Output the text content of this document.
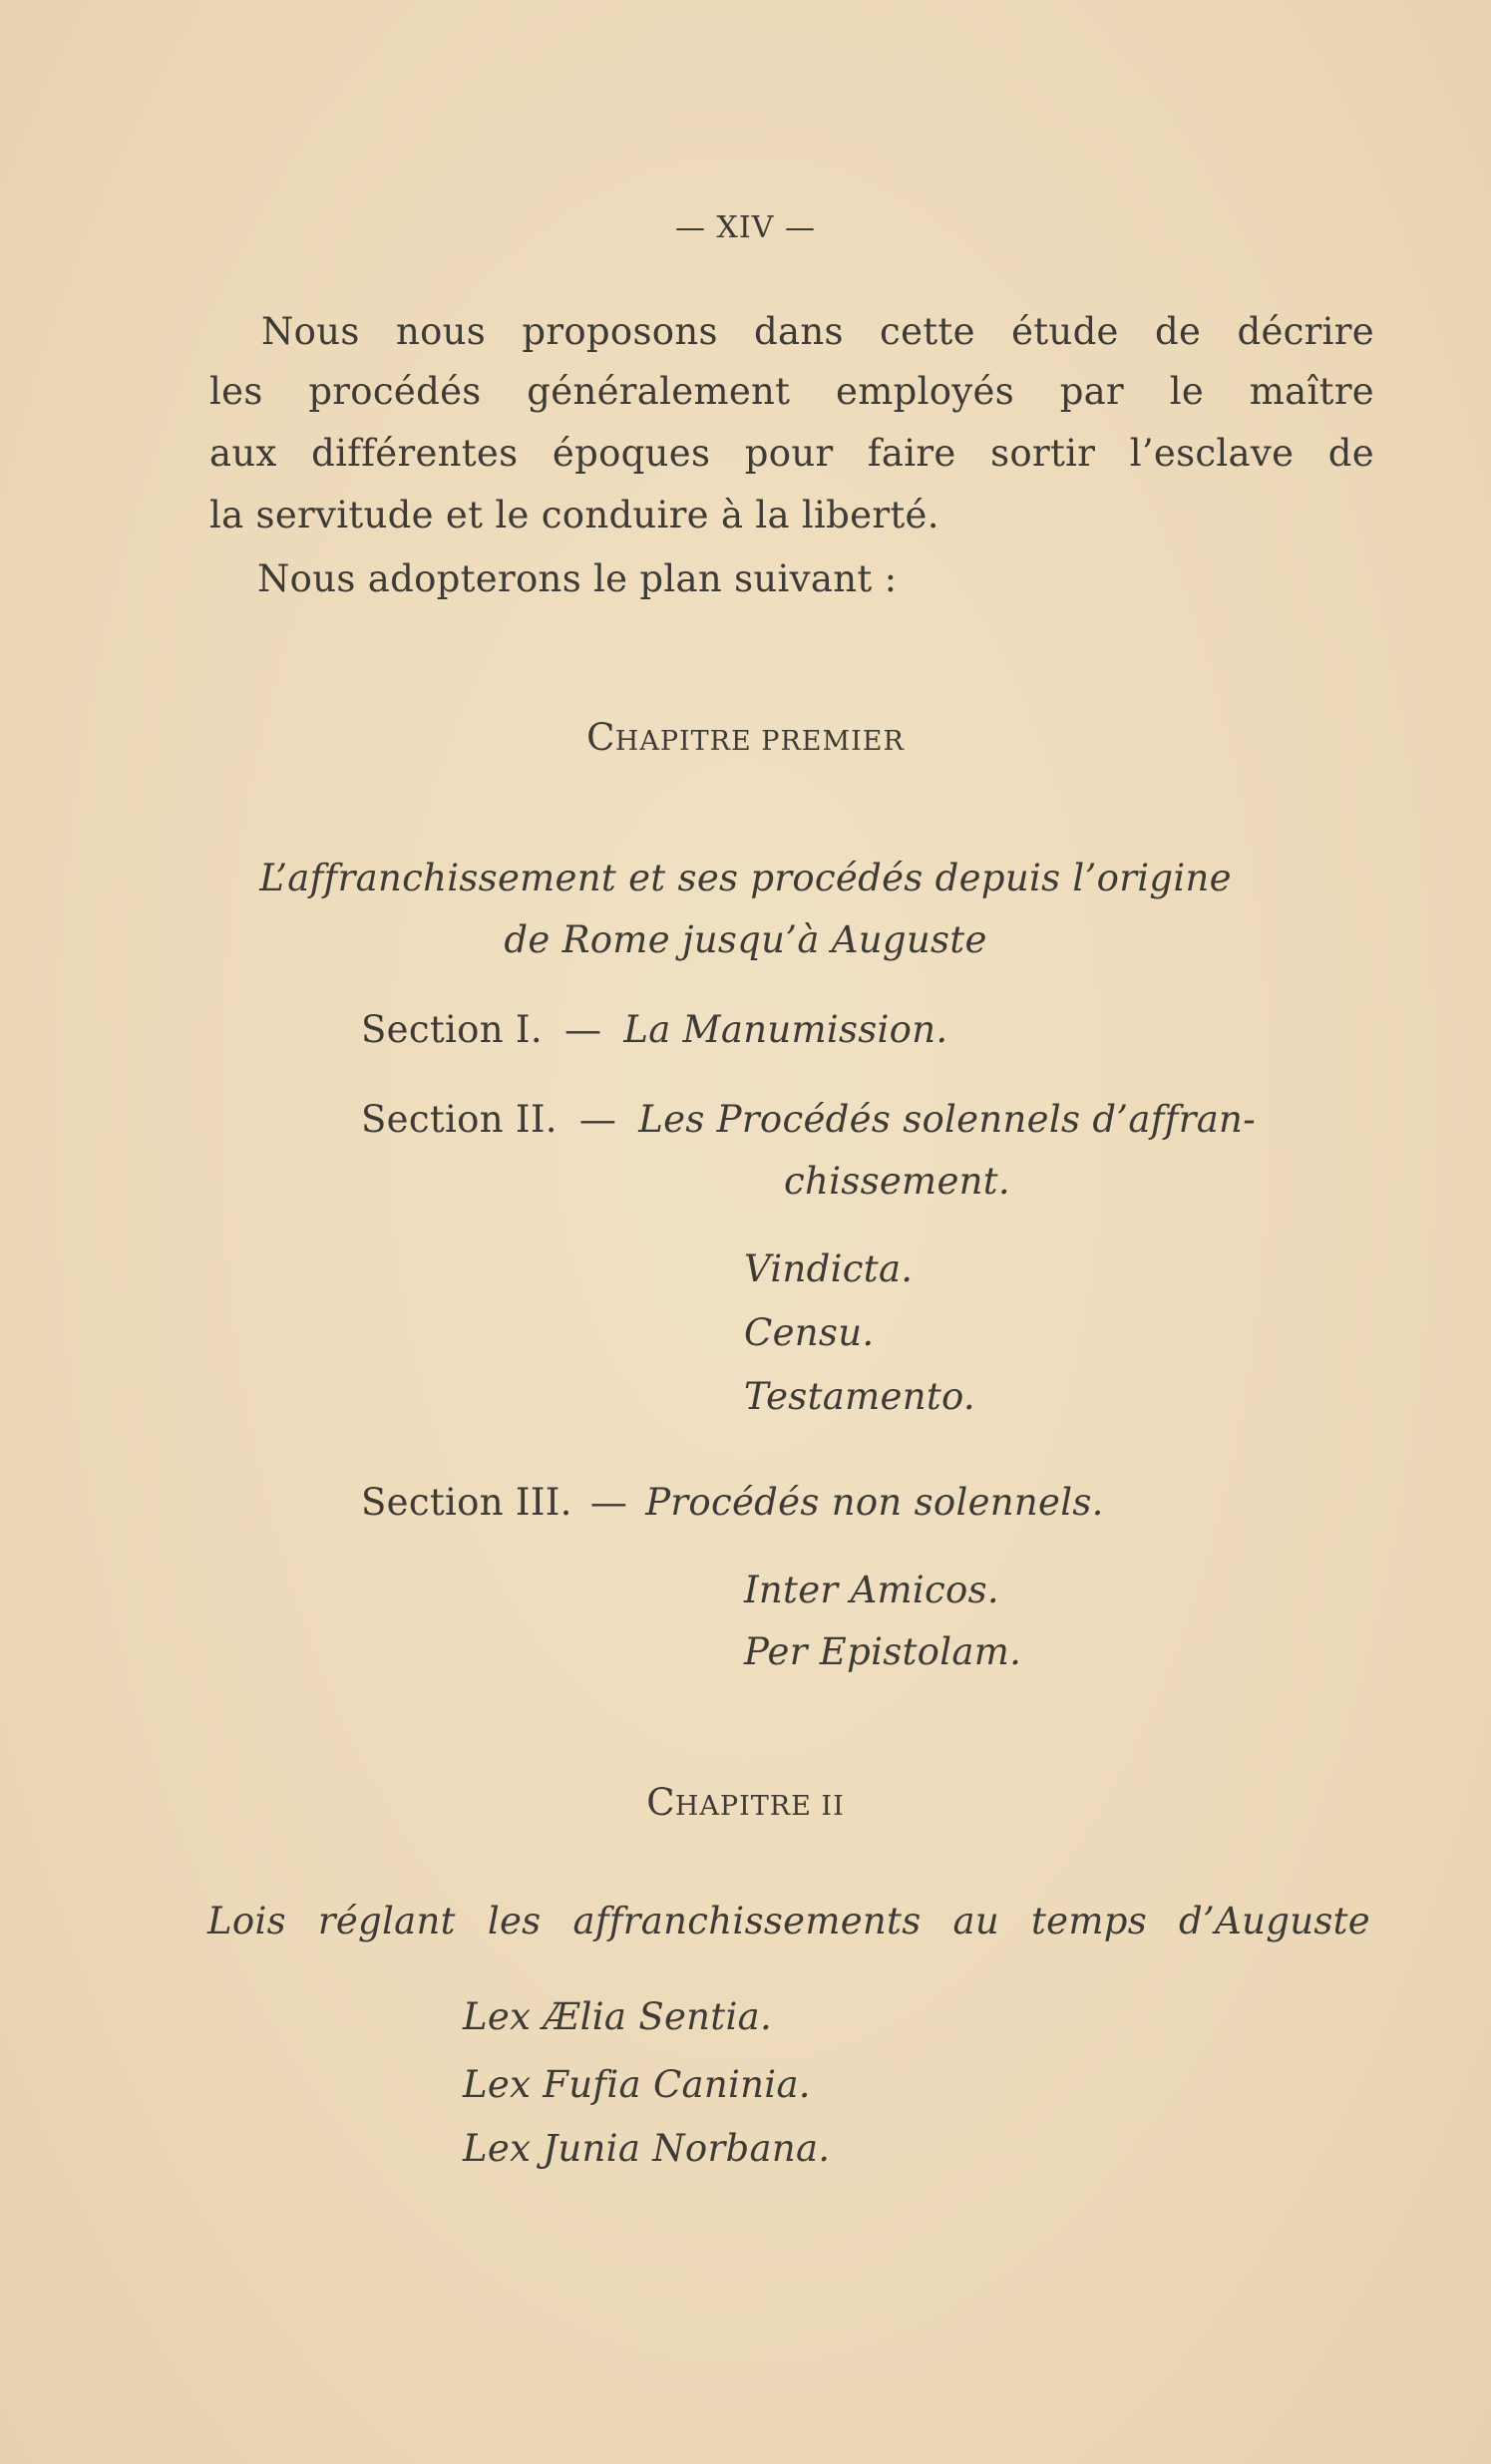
— XIV —
Nous nous proposons dans cette étude de décrire
les procédés généralement employés par le maître
aux différentes époques pour faire sortir l’esclave de
la servitude et le conduire à la liberté.
Nous adopterons le plan suivant :
CHAPITRE PREMIER
L’affranchissement et ses procédés depuis l’origine
de Rome jusqu’à Auguste
Section I. — La Manumission.
Section II. — Les Procédés solennels d’affran-
chissement.
Vindicta.
Censu.
Testamento.
Section III. — Procédés non solennels.
Inter Amicos.
Per Epistolam.
CHAPITRE II
Lois réglant les affranchissements au temps d’Auguste
Lex Ælia Sentia.
Lex Fufia Caninia.
Lex Junia Norbana.
